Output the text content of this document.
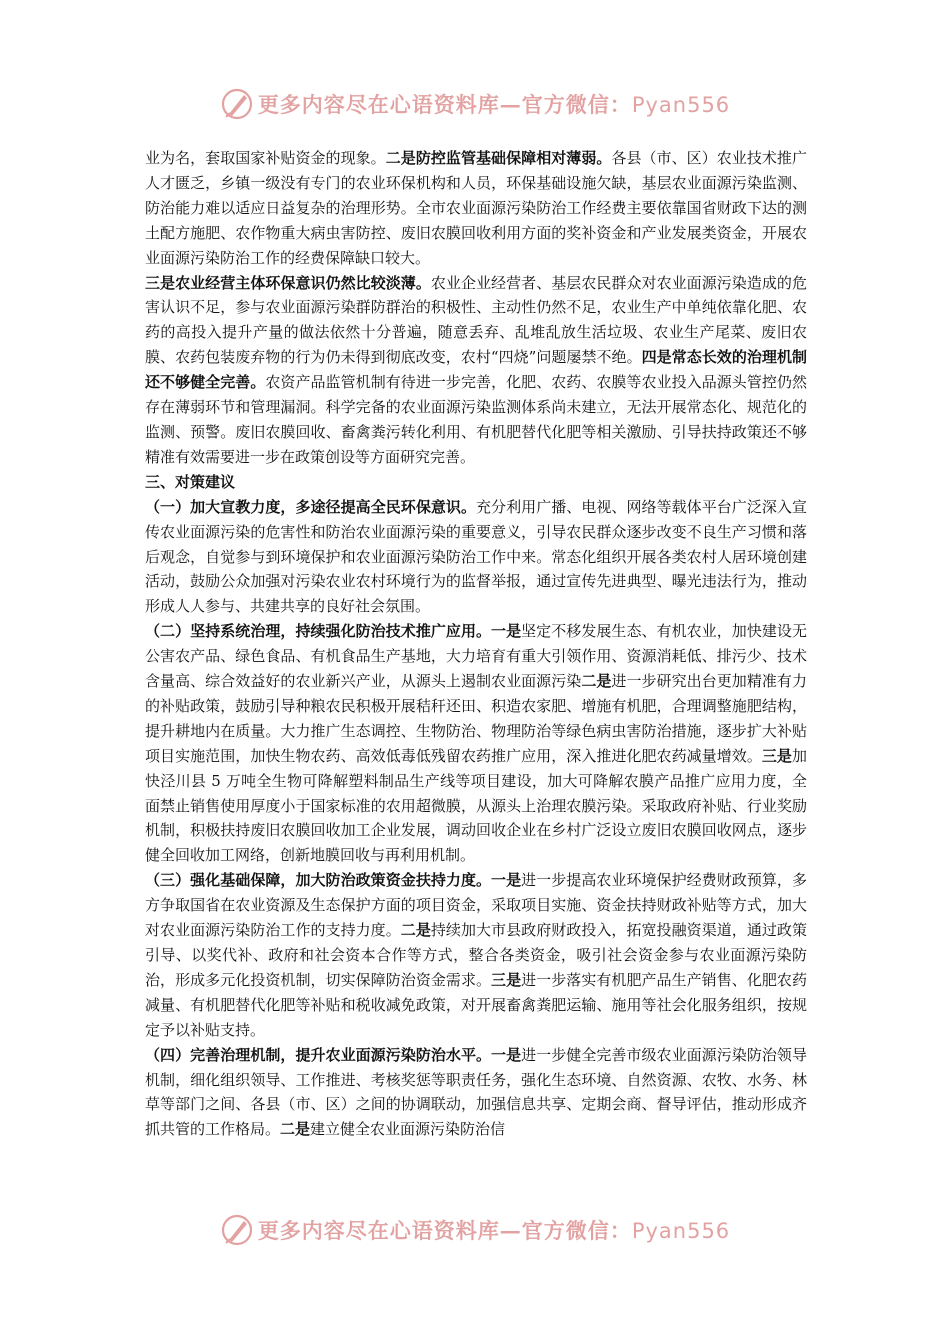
更多内容尽在心语资料库—官方微信：Pyan556

业为名，套取国家补贴资金的现象。二是防控监管基础保障相对薄弱。各县（市、区）农业技术推广人才匮乏，乡镇一级没有专门的农业环保机构和人员，环保基础设施欠缺，基层农业面源污染监测、防治能力难以适应日益复杂的治理形势。全市农业面源污染防治工作经费主要依靠国省财政下达的测土配方施肥、农作物重大病虫害防控、废旧农膜回收利用方面的奖补资金和产业发展类资金，开展农业面源污染防治工作的经费保障缺口较大。

三是农业经营主体环保意识仍然比较淡薄。农业企业经营者、基层农民群众对农业面源污染造成的危害认识不足，参与农业面源污染群防群治的积极性、主动性仍然不足，农业生产中单纯依靠化肥、农药的高投入提升产量的做法依然十分普遍，随意丢弃、乱堆乱放生活垃圾、农业生产尾菜、废旧农膜、农药包装废弃物的行为仍未得到彻底改变，农村“四烧”问题屡禁不绝。四是常态长效的治理机制还不够健全完善。农资产品监管机制有待进一步完善，化肥、农药、农膜等农业投入品源头管控仍然存在薄弱环节和管理漏洞。科学完备的农业面源污染监测体系尚未建立，无法开展常态化、规范化的监测、预警。废旧农膜回收、畜禽粪污转化利用、有机肥替代化肥等相关激励、引导扶持政策还不够精准有效需要进一步在政策创设等方面研究完善。

三、对策建议

（一）加大宣教力度，多途径提高全民环保意识。充分利用广播、电视、网络等载体平台广泛深入宣传农业面源污染的危害性和防治农业面源污染的重要意义，引导农民群众逐步改变不良生产习惯和落后观念，自觉参与到环境保护和农业面源污染防治工作中来。常态化组织开展各类农村人居环境创建活动，鼓励公众加强对污染农业农村环境行为的监督举报，通过宣传先进典型、曝光违法行为，推动形成人人参与、共建共享的良好社会氛围。

（二）坚持系统治理，持续强化防治技术推广应用。一是坚定不移发展生态、有机农业，加快建设无公害农产品、绿色食品、有机食品生产基地，大力培育有重大引领作用、资源消耗低、排污少、技术含量高、综合效益好的农业新兴产业，从源头上遏制农业面源污染二是进一步研究出台更加精准有力的补贴政策，鼓励引导种粮农民积极开展秸秆还田、积造农家肥、增施有机肥，合理调整施肥结构，提升耕地内在质量。大力推广生态调控、生物防治、物理防治等绿色病虫害防治措施，逐步扩大补贴项目实施范围，加快生物农药、高效低毒低残留农药推广应用，深入推进化肥农药减量增效。三是加快泾川县 5 万吨全生物可降解塑料制品生产线等项目建设，加大可降解农膜产品推广应用力度，全面禁止销售使用厚度小于国家标准的农用超微膜，从源头上治理农膜污染。采取政府补贴、行业奖励机制，积极扶持废旧农膜回收加工企业发展，调动回收企业在乡村广泛设立废旧农膜回收网点，逐步健全回收加工网络，创新地膜回收与再利用机制。

（三）强化基础保障，加大防治政策资金扶持力度。一是进一步提高农业环境保护经费财政预算，多方争取国省在农业资源及生态保护方面的项目资金，采取项目实施、资金扶持财政补贴等方式，加大对农业面源污染防治工作的支持力度。二是持续加大市县政府财政投入，拓宽投融资渠道，通过政策引导、以奖代补、政府和社会资本合作等方式，整合各类资金，吸引社会资金参与农业面源污染防治，形成多元化投资机制，切实保障防治资金需求。三是进一步落实有机肥产品生产销售、化肥农药减量、有机肥替代化肥等补贴和税收减免政策，对开展畜禽粪肥运输、施用等社会化服务组织，按规定予以补贴支持。

（四）完善治理机制，提升农业面源污染防治水平。一是进一步健全完善市级农业面源污染防治领导机制，细化组织领导、工作推进、考核奖惩等职责任务，强化生态环境、自然资源、农牧、水务、林草等部门之间、各县（市、区）之间的协调联动，加强信息共享、定期会商、督导评估，推动形成齐抓共管的工作格局。二是建立健全农业面源污染防治信

更多内容尽在心语资料库—官方微信：Pyan556
